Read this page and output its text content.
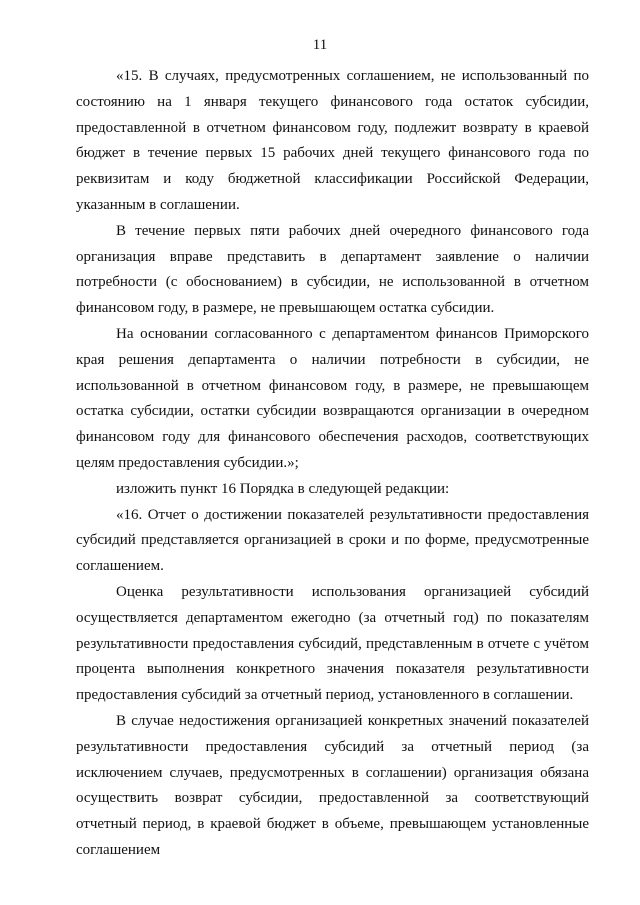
11

«15. В случаях, предусмотренных соглашением, не использованный по состоянию на 1 января текущего финансового года остаток субсидии, предоставленной в отчетном финансовом году, подлежит возврату в краевой бюджет в течение первых 15 рабочих дней текущего финансового года по реквизитам и коду бюджетной классификации Российской Федерации, указанным в соглашении.

В течение первых пяти рабочих дней очередного финансового года организация вправе представить в департамент заявление о наличии потребности (с обоснованием) в субсидии, не использованной в отчетном финансовом году, в размере, не превышающем остатка субсидии.

На основании согласованного с департаментом финансов Приморского края решения департамента о наличии потребности в субсидии, не использованной в отчетном финансовом году, в размере, не превышающем остатка субсидии, остатки субсидии возвращаются организации в очередном финансовом году для финансового обеспечения расходов, соответствующих целям предоставления субсидии.»;

изложить пункт 16 Порядка в следующей редакции:

«16. Отчет о достижении показателей результативности предоставления субсидий представляется организацией в сроки и по форме, предусмотренные соглашением.

Оценка результативности использования организацией субсидий осуществляется департаментом ежегодно (за отчетный год) по показателям результативности предоставления субсидий, представленным в отчете с учётом процента выполнения конкретного значения показателя результативности предоставления субсидий за отчетный период, установленного в соглашении.

В случае недостижения организацией конкретных значений показателей результативности предоставления субсидий за отчетный период (за исключением случаев, предусмотренных в соглашении) организация обязана осуществить возврат субсидии, предоставленной за соответствующий отчетный период, в краевой бюджет в объеме, превышающем установленные соглашением
